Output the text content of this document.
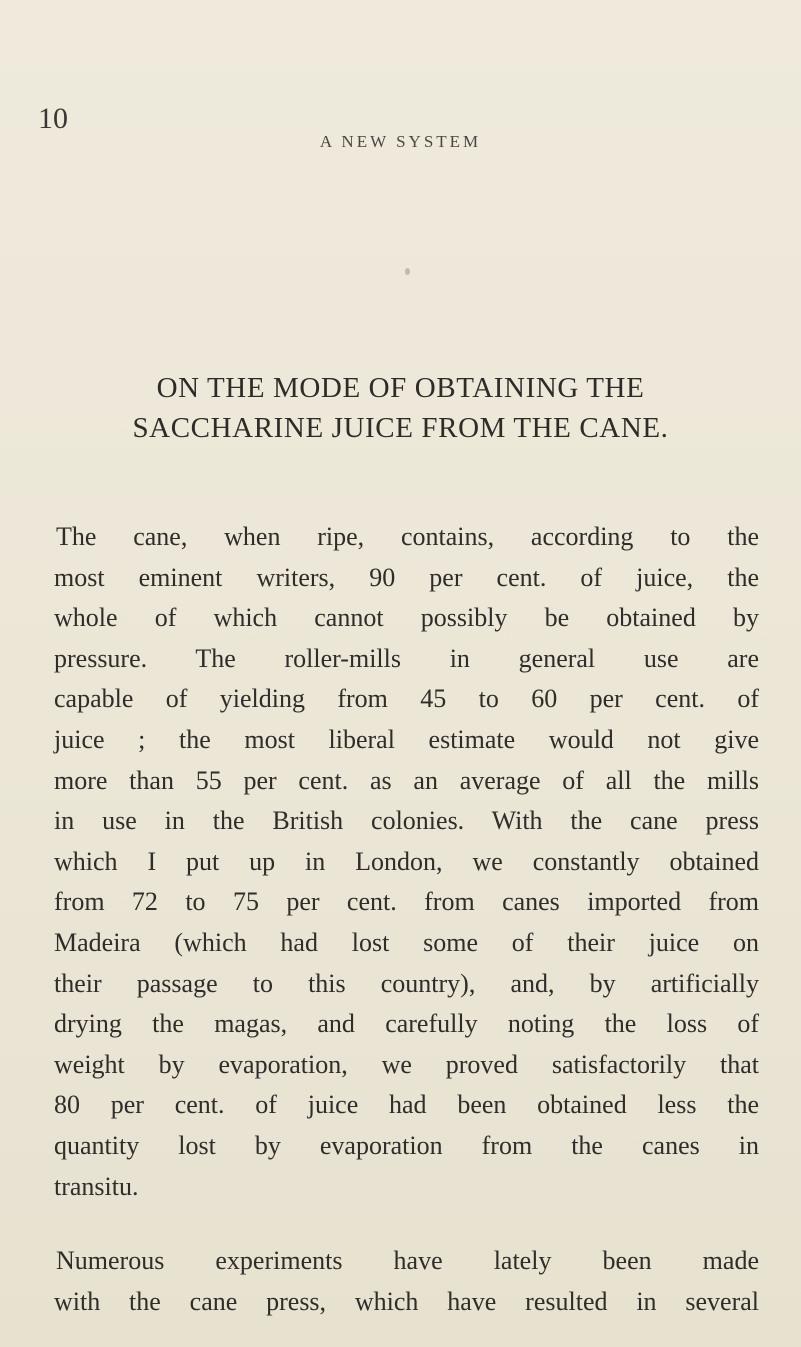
10
A NEW SYSTEM
ON THE MODE OF OBTAINING THE
SACCHARINE JUICE FROM THE CANE.
The cane, when ripe, contains, according to the
most eminent writers, 90 per cent. of juice, the
whole of which cannot possibly be obtained by
pressure. The roller-mills in general use are
capable of yielding from 45 to 60 per cent. of
juice ; the most liberal estimate would not give
more than 55 per cent. as an average of all the mills
in use in the British colonies. With the cane press
which I put up in London, we constantly obtained
from 72 to 75 per cent. from canes imported from
Madeira (which had lost some of their juice on
their passage to this country), and, by artificially
drying the magas, and carefully noting the loss of
weight by evaporation, we proved satisfactorily that
80 per cent. of juice had been obtained less the
quantity lost by evaporation from the canes in
transitu.
Numerous experiments have lately been made
with the cane press, which have resulted in several
